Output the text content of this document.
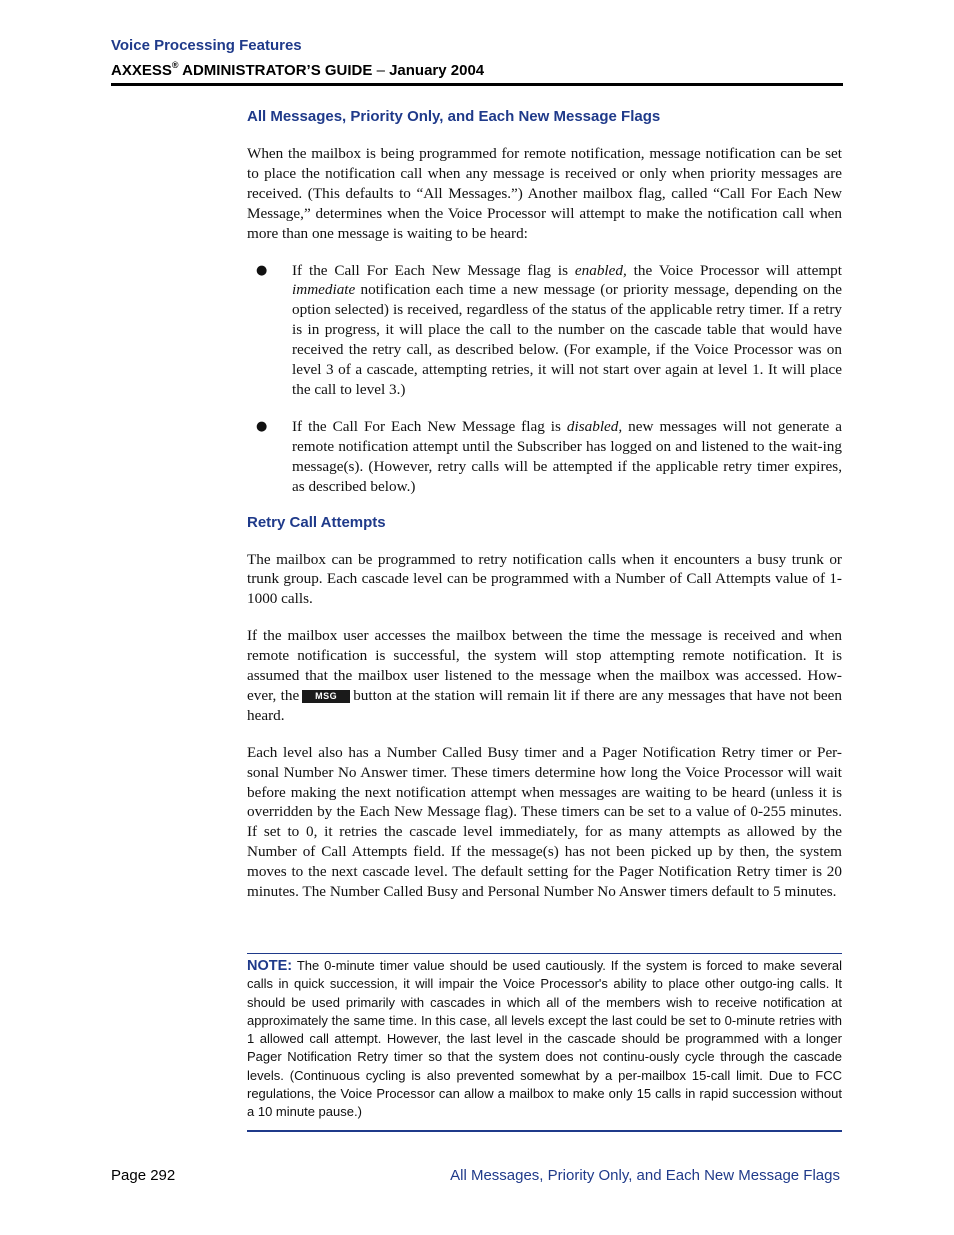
Voice Processing Features
AXXESS® ADMINISTRATOR’S GUIDE – January 2004
All Messages, Priority Only, and Each New Message Flags

When the mailbox is being programmed for remote notification, message notification can be set to place the notification call when any message is received or only when priority messages are received. (This defaults to “All Messages.”) Another mailbox flag, called “Call For Each New Message,” determines when the Voice Processor will attempt to make the notification call when more than one message is waiting to be heard:

● If the Call For Each New Message flag is enabled, the Voice Processor will attempt immediate notification each time a new message (or priority message, depending on the option selected) is received, regardless of the status of the applicable retry timer. If a retry is in progress, it will place the call to the number on the cascade table that would have received the retry call, as described below. (For example, if the Voice Processor was on level 3 of a cascade, attempting retries, it will not start over again at level 1. It will place the call to level 3.)
● If the Call For Each New Message flag is disabled, new messages will not generate a remote notification attempt until the Subscriber has logged on and listened to the wait-ing message(s). (However, retry calls will be attempted if the applicable retry timer expires, as described below.)
Retry Call Attempts

The mailbox can be programmed to retry notification calls when it encounters a busy trunk or trunk group. Each cascade level can be programmed with a Number of Call Attempts value of 1-1000 calls.

If the mailbox user accesses the mailbox between the time the message is received and when remote notification is successful, the system will stop attempting remote notification. It is assumed that the mailbox user listened to the message when the mailbox was accessed. How-ever, the MSG button at the station will remain lit if there are any messages that have not been heard.

Each level also has a Number Called Busy timer and a Pager Notification Retry timer or Per-sonal Number No Answer timer. These timers determine how long the Voice Processor will wait before making the next notification attempt when messages are waiting to be heard (unless it is overridden by the Each New Message flag). These timers can be set to a value of 0-255 minutes. If set to 0, it retries the cascade level immediately, for as many attempts as allowed by the Number of Call Attempts field. If the message(s) has not been picked up by then, the system moves to the next cascade level. The default setting for the Pager Notification Retry timer is 20 minutes. The Number Called Busy and Personal Number No Answer timers default to 5 minutes.

NOTE: The 0-minute timer value should be used cautiously. If the system is forced to make several calls in quick succession, it will impair the Voice Processor's ability to place other outgo-ing calls. It should be used primarily with cascades in which all of the members wish to receive notification at approximately the same time. In this case, all levels except the last could be set to 0-minute retries with 1 allowed call attempt. However, the last level in the cascade should be programmed with a longer Pager Notification Retry timer so that the system does not continu-ously cycle through the cascade levels. (Continuous cycling is also prevented somewhat by a per-mailbox 15-call limit. Due to FCC regulations, the Voice Processor can allow a mailbox to make only 15 calls in rapid succession without a 10 minute pause.)

Page 292	All Messages, Priority Only, and Each New Message Flags
